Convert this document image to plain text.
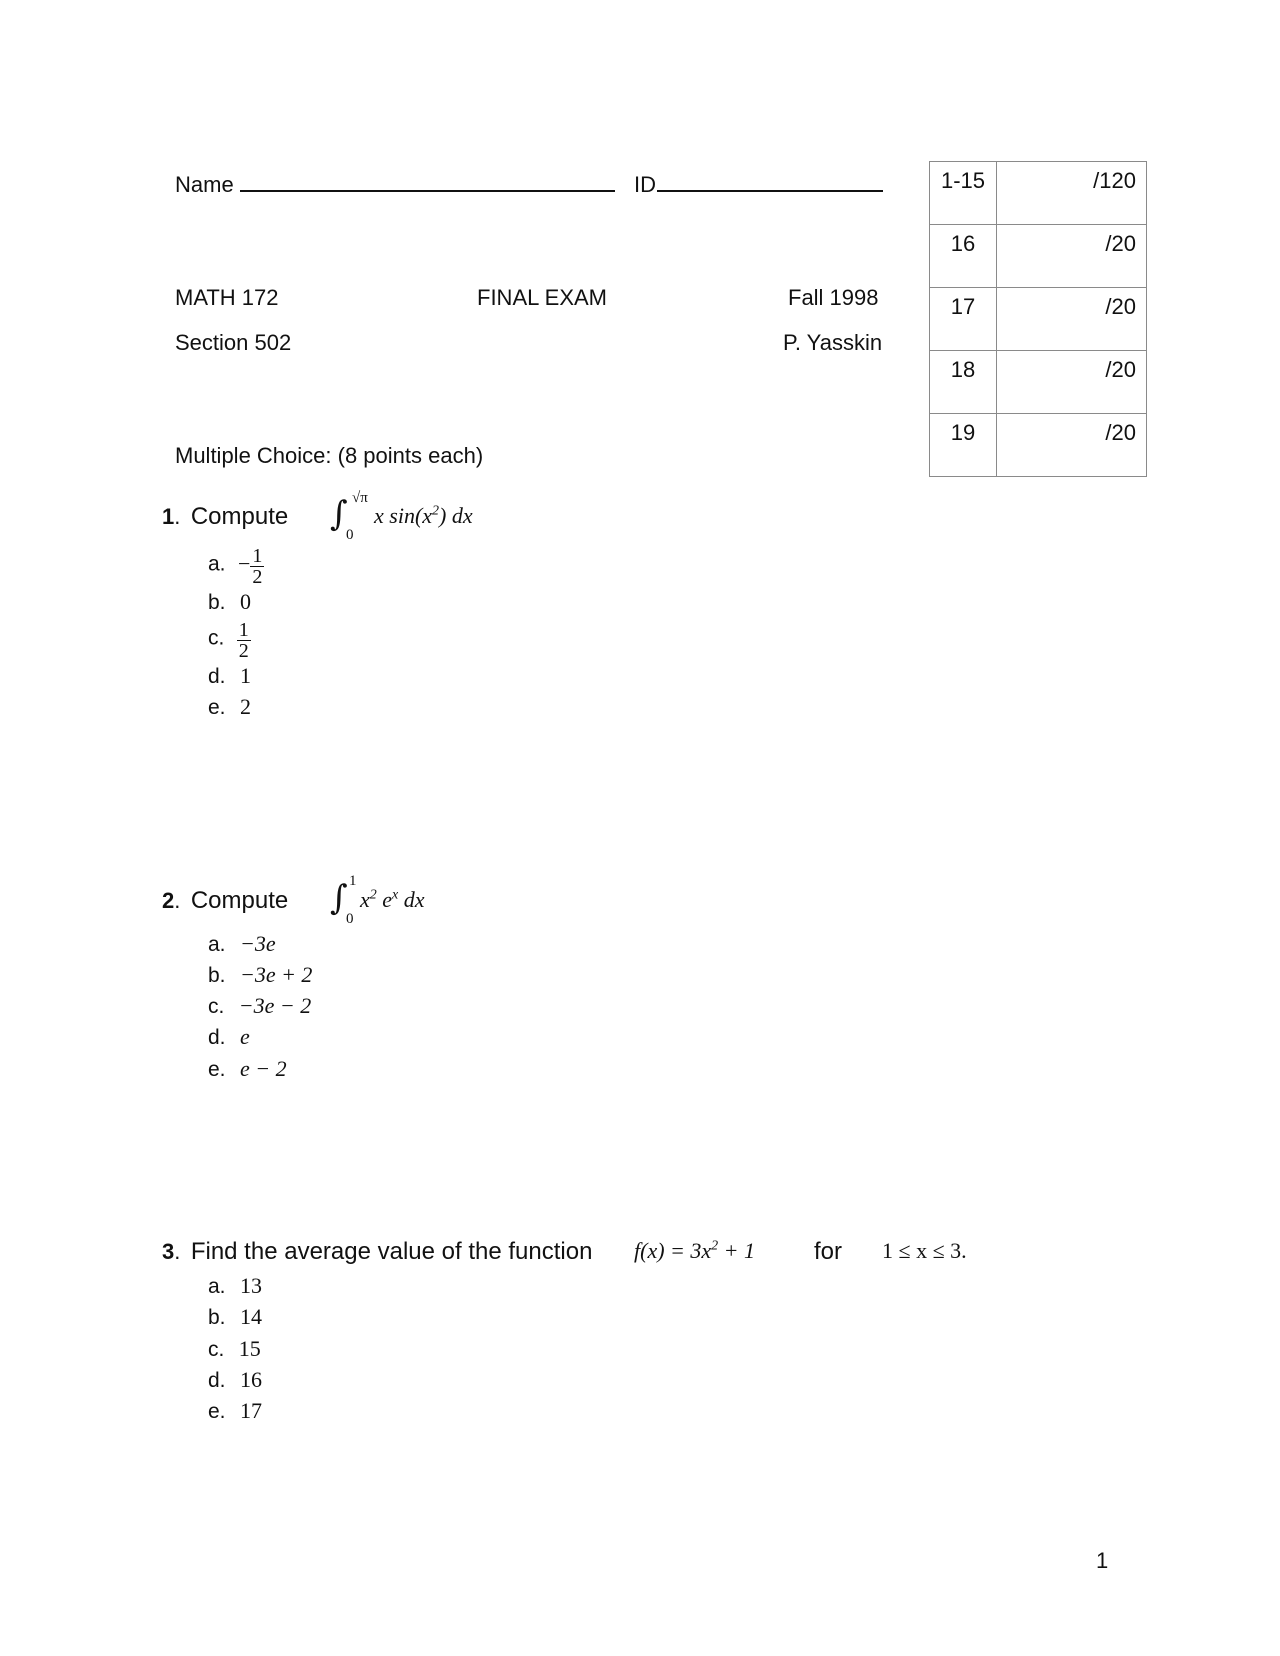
Name	ID
MATH 172	FINAL EXAM	Fall 1998
Section 502	P. Yasskin
1-15	/120
16	/20
17	/20
18	/20
19	/20
Multiple Choice: (8 points each)
1. Compute ∫ √π
0
x $\sin(x^2)$ dx
a. − $\frac{1}{2}$
b. 0
c. $\frac{1}{2}$
d. 1
e. 2
2. Compute ∫ 1
0
$x^2$ $e^x$ dx
a. −3e
b. −3e + 2
c. −3e − 2
d. e
e. e − 2
3. Find the average value of the function $f(x) = 3x^2 + 1$ for 1 ≤ x ≤ 3.
a. 13
b. 14
c. 15
d. 16
e. 17
1
